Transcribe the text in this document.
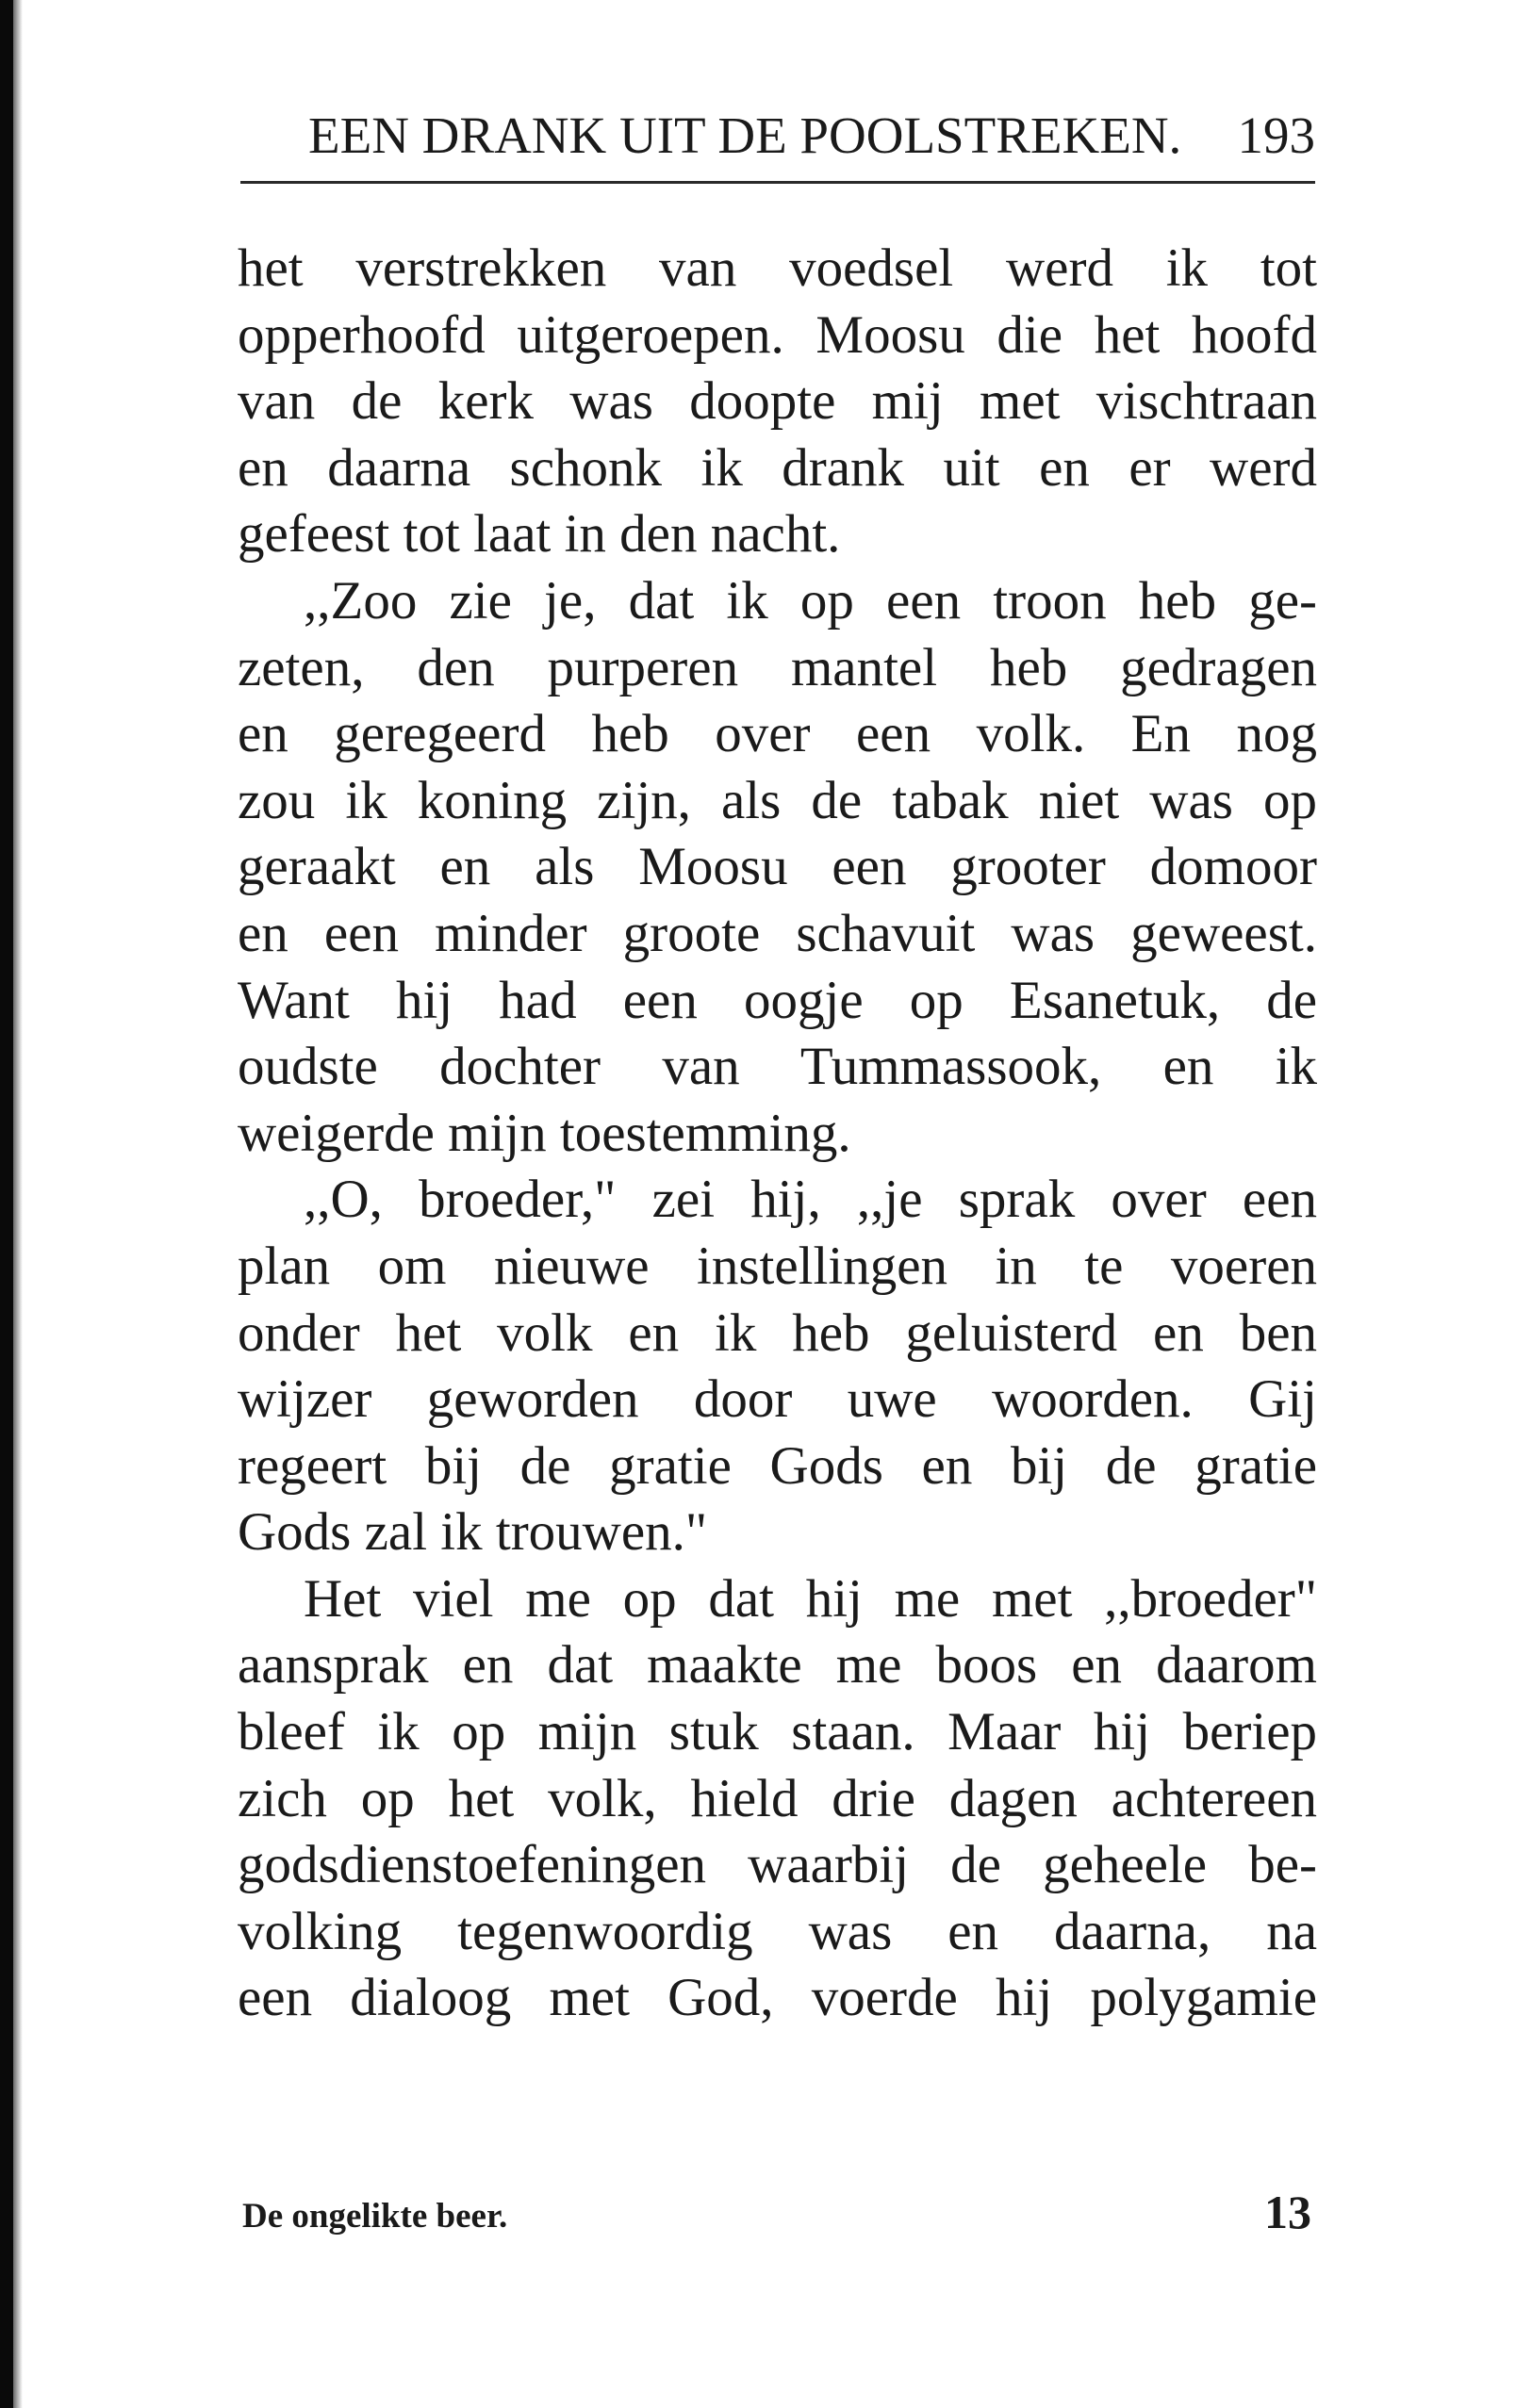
EEN DRANK UIT DE POOLSTREKEN. 193
het verstrekken van voedsel werd ik tot
opperhoofd uitgeroepen. Moosu die het hoofd
van de kerk was doopte mij met vischtraan
en daarna schonk ik drank uit en er werd
gefeest tot laat in den nacht.
,,Zoo zie je, dat ik op een troon heb ge-
zeten, den purperen mantel heb gedragen
en geregeerd heb over een volk. En nog
zou ik koning zijn, als de tabak niet was op
geraakt en als Moosu een grooter domoor
en een minder groote schavuit was geweest.
Want hij had een oogje op Esanetuk, de
oudste dochter van Tummassook, en ik
weigerde mijn toestemming.
,,O, broeder," zei hij, ,,je sprak over een
plan om nieuwe instellingen in te voeren
onder het volk en ik heb geluisterd en ben
wijzer geworden door uwe woorden. Gij
regeert bij de gratie Gods en bij de gratie
Gods zal ik trouwen."
Het viel me op dat hij me met ,,broeder"
aansprak en dat maakte me boos en daarom
bleef ik op mijn stuk staan. Maar hij beriep
zich op het volk, hield drie dagen achtereen
godsdienstoefeningen waarbij de geheele be-
volking tegenwoordig was en daarna, na
een dialoog met God, voerde hij polygamie
De ongelikte beer.	13
